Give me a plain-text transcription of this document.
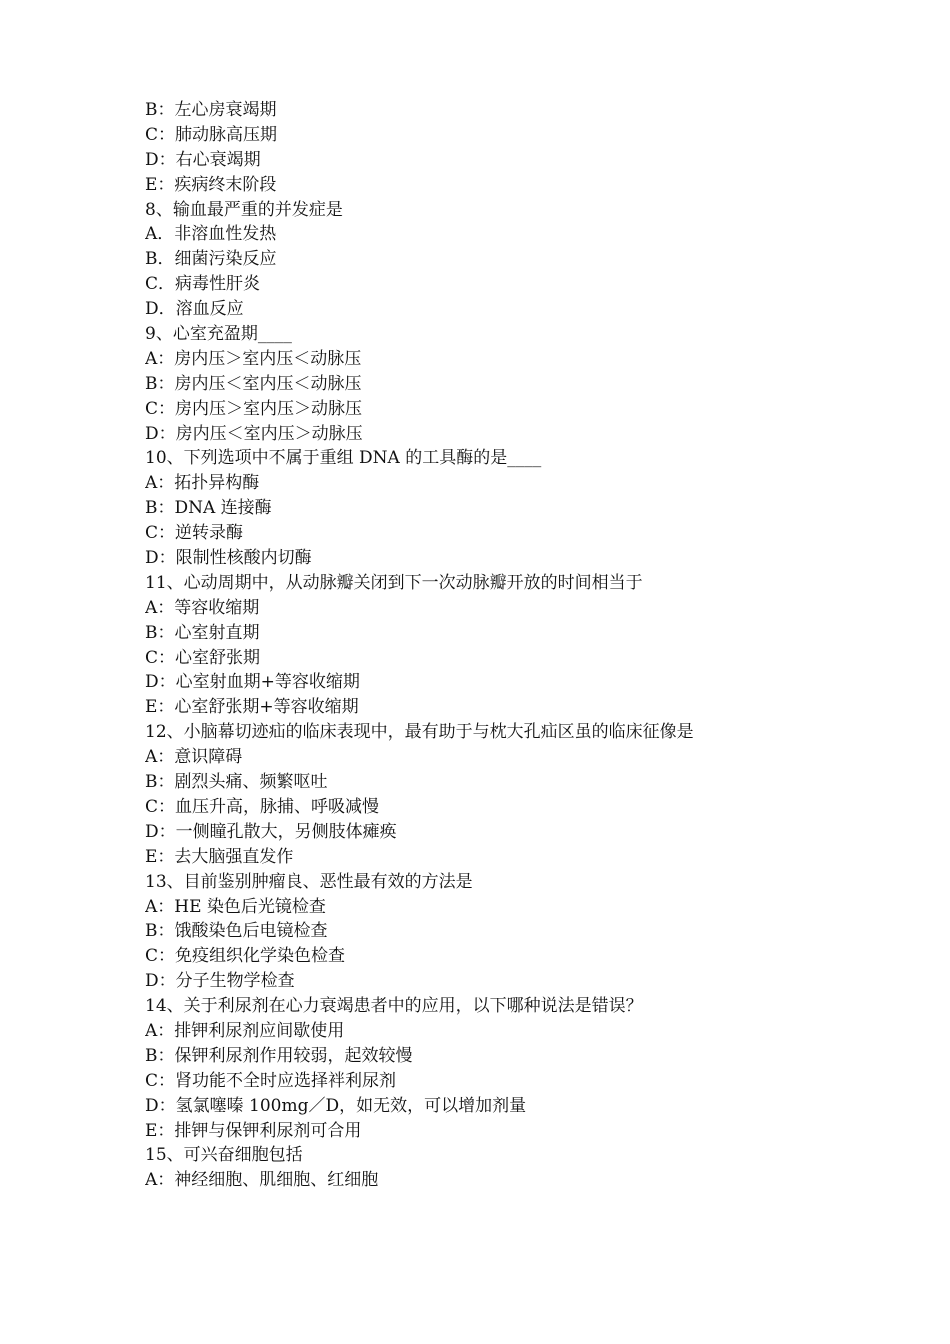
B：左心房衰竭期
C：肺动脉高压期
D：右心衰竭期
E：疾病终末阶段
8、输血最严重的并发症是
A．非溶血性发热
B．细菌污染反应
C．病毒性肝炎
D．溶血反应
9、心室充盈期____
A：房内压＞室内压＜动脉压
B：房内压＜室内压＜动脉压
C：房内压＞室内压＞动脉压
D：房内压＜室内压＞动脉压
10、下列选项中不属于重组 DNA 的工具酶的是____
A：拓扑异构酶
B：DNA 连接酶
C：逆转录酶
D：限制性核酸内切酶
11、心动周期中，从动脉瓣关闭到下一次动脉瓣开放的时间相当于
A：等容收缩期
B：心室射直期
C：心室舒张期
D：心室射血期+等容收缩期
E：心室舒张期+等容收缩期
12、小脑幕切迹疝的临床表现中，最有助于与枕大孔疝区虽的临床征像是
A：意识障碍
B：剧烈头痛、频繁呕吐
C：血压升高，脉捕、呼吸减慢
D：一侧瞳孔散大，另侧肢体瘫痪
E：去大脑强直发作
13、目前鉴别肿瘤良、恶性最有效的方法是
A：HE 染色后光镜检查
B：饿酸染色后电镜检查
C：免疫组织化学染色检查
D：分子生物学检查
14、关于利尿剂在心力衰竭患者中的应用，以下哪种说法是错误？
A：排钾利尿剂应间歇使用
B：保钾利尿剂作用较弱，起效较慢
C：肾功能不全时应选择袢利尿剂
D：氢氯噻嗪 100mg／D，如无效，可以增加剂量
E：排钾与保钾利尿剂可合用
15、可兴奋细胞包括
A：神经细胞、肌细胞、红细胞
